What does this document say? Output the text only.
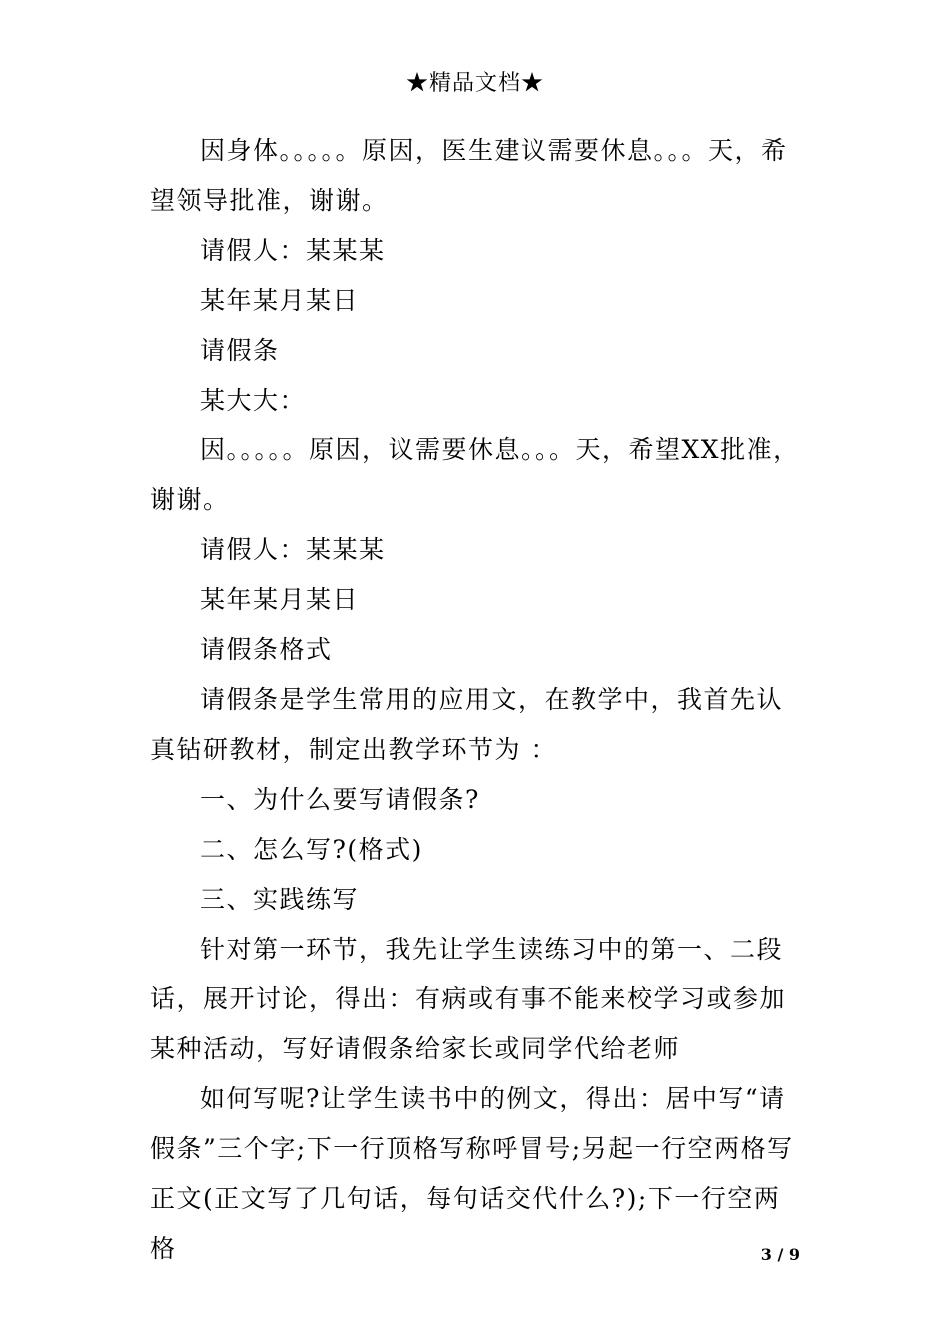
★精品文档★

因身体。。。。。原因，医生建议需要休息。。。天，希望领导批准，谢谢。

请假人：某某某

某年某月某日

请假条

某大大：

因。。。。。原因，议需要休息。。。天，希望XX批准，谢谢。

请假人：某某某

某年某月某日

请假条格式

请假条是学生常用的应用文，在教学中，我首先认真钻研教材，制定出教学环节为 ：

一、为什么要写请假条?

二、怎么写?(格式)

三、实践练写

针对第一环节，我先让学生读练习中的第一、二段话，展开讨论，得出：有病或有事不能来校学习或参加某种活动，写好请假条给家长或同学代给老师

如何写呢?让学生读书中的例文，得出：居中写“请假条”三个字;下一行顶格写称呼冒号;另起一行空两格写正文(正文写了几句话，每句话交代什么?);下一行空两格	3 / 9
